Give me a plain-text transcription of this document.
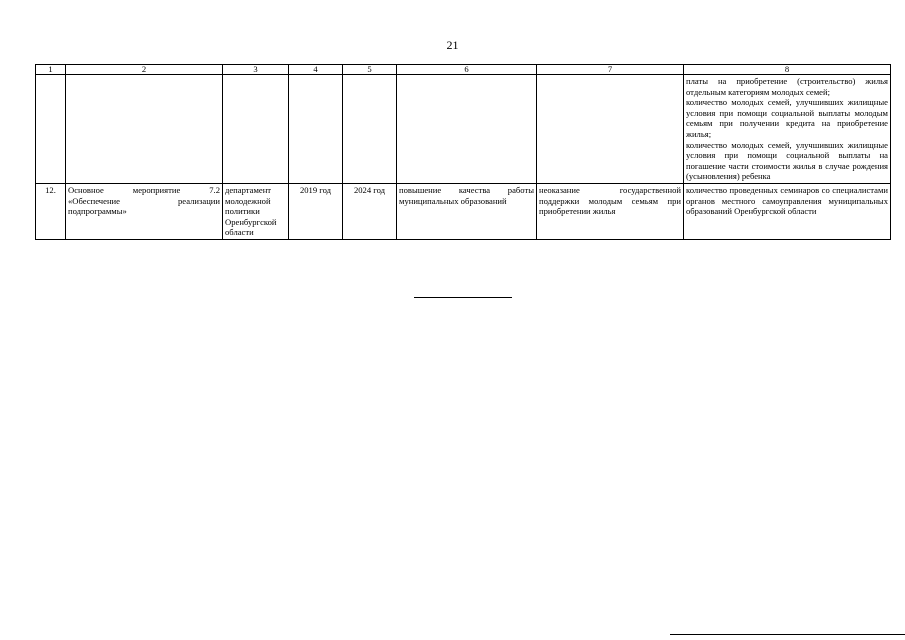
21
1	2	3	4	5	6	7	8

							платы на приобретение (строительство) жилья отдельным категориям молодых семей;

количество молодых семей, улучшивших жилищные условия при помощи социальной выплаты молодым семьям при получении кредита на приобретение жилья;

количество молодых семей, улучшивших жилищные условия при помощи социальной выплаты на погашение части стоимости жилья в случае рождения (усыновления) ребенка

12.	Основное мероприятие 7.2 «Обеспечение реализации подпрограммы»	департамент молодежной политики Оренбургской области	2019 год	2024 год	повышение качества работы муниципальных образований	неоказание государственной поддержки молодым семьям при приобретении жилья	количество проведенных семинаров со специалистами органов местного самоуправления муниципальных образований Оренбургской области
